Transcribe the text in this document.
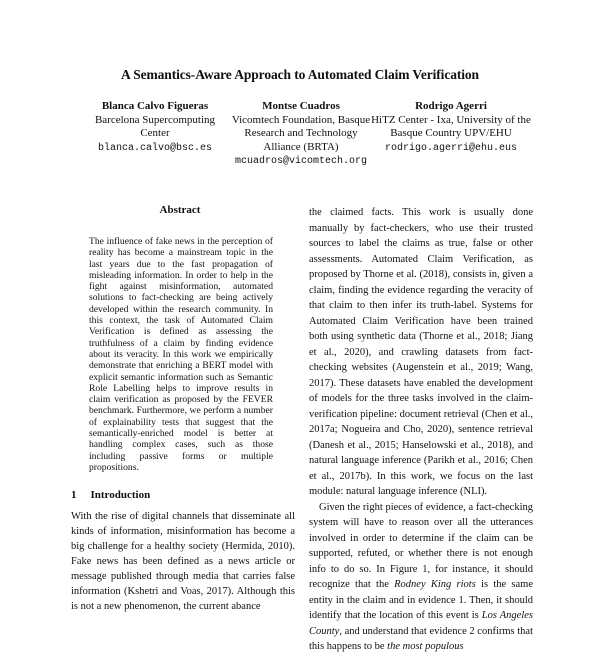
A Semantics-Aware Approach to Automated Claim Verification
Blanca Calvo Figueras
Barcelona Supercomputing Center
blanca.calvo@bsc.es
Montse Cuadros
Vicomtech Foundation, Basque Research and Technology Alliance (BRTA)
mcuadros@vicomtech.org
Rodrigo Agerri
HiTZ Center - Ixa, University of the Basque Country UPV/EHU
rodrigo.agerri@ehu.eus
Abstract
The influence of fake news in the perception of reality has become a mainstream topic in the last years due to the fast propagation of misleading information. In order to help in the fight against misinformation, automated solutions to fact-checking are being actively developed within the research community. In this context, the task of Automated Claim Verification is defined as assessing the truthfulness of a claim by finding evidence about its veracity. In this work we empirically demonstrate that enriching a BERT model with explicit semantic information such as Semantic Role Labelling helps to improve results in claim verification as proposed by the FEVER benchmark. Furthermore, we perform a number of explainability tests that suggest that the semantically-enriched model is better at handling complex cases, such as those including passive forms or multiple propositions.
1 Introduction

With the rise of digital channels that disseminate all kinds of information, misinformation has become a big challenge for a healthy society (Hermida, 2010). Fake news has been defined as a news article or message published through media that carries false information (Kshetri and Voas, 2017). Although this is not a new phenomenon, the current abance

the claimed facts. This work is usually done manually by fact-checkers, who use their trusted sources to label the claims as true, false or other assessments. Automated Claim Verification, as proposed by Thorne et al. (2018), consists in, given a claim, finding the evidence regarding the veracity of that claim to then infer its truth-label. Systems for Automated Claim Verification have been trained both using synthetic data (Thorne et al., 2018; Jiang et al., 2020), and crawling datasets from fact-checking websites (Augenstein et al., 2019; Wang, 2017). These datasets have enabled the development of models for the three tasks involved in the claim-verification pipeline: document retrieval (Chen et al., 2017a; Nogueira and Cho, 2020), sentence retrieval (Danesh et al., 2015; Hanselowski et al., 2018), and natural language inference (Parikh et al., 2016; Chen et al., 2017b). In this work, we focus on the last module: natural language inference (NLI).

Given the right pieces of evidence, a fact-checking system will have to reason over all the utterances involved in order to determine if the claim can be supported, refuted, or whether there is not enough info to do so. In Figure 1, for instance, it should recognize that the Rodney King riots is the same entity in the claim and in evidence 1. Then, it should identify that the location of this event is Los Angeles County, and understand that evidence 2 confirms that this happens to be the most populous
